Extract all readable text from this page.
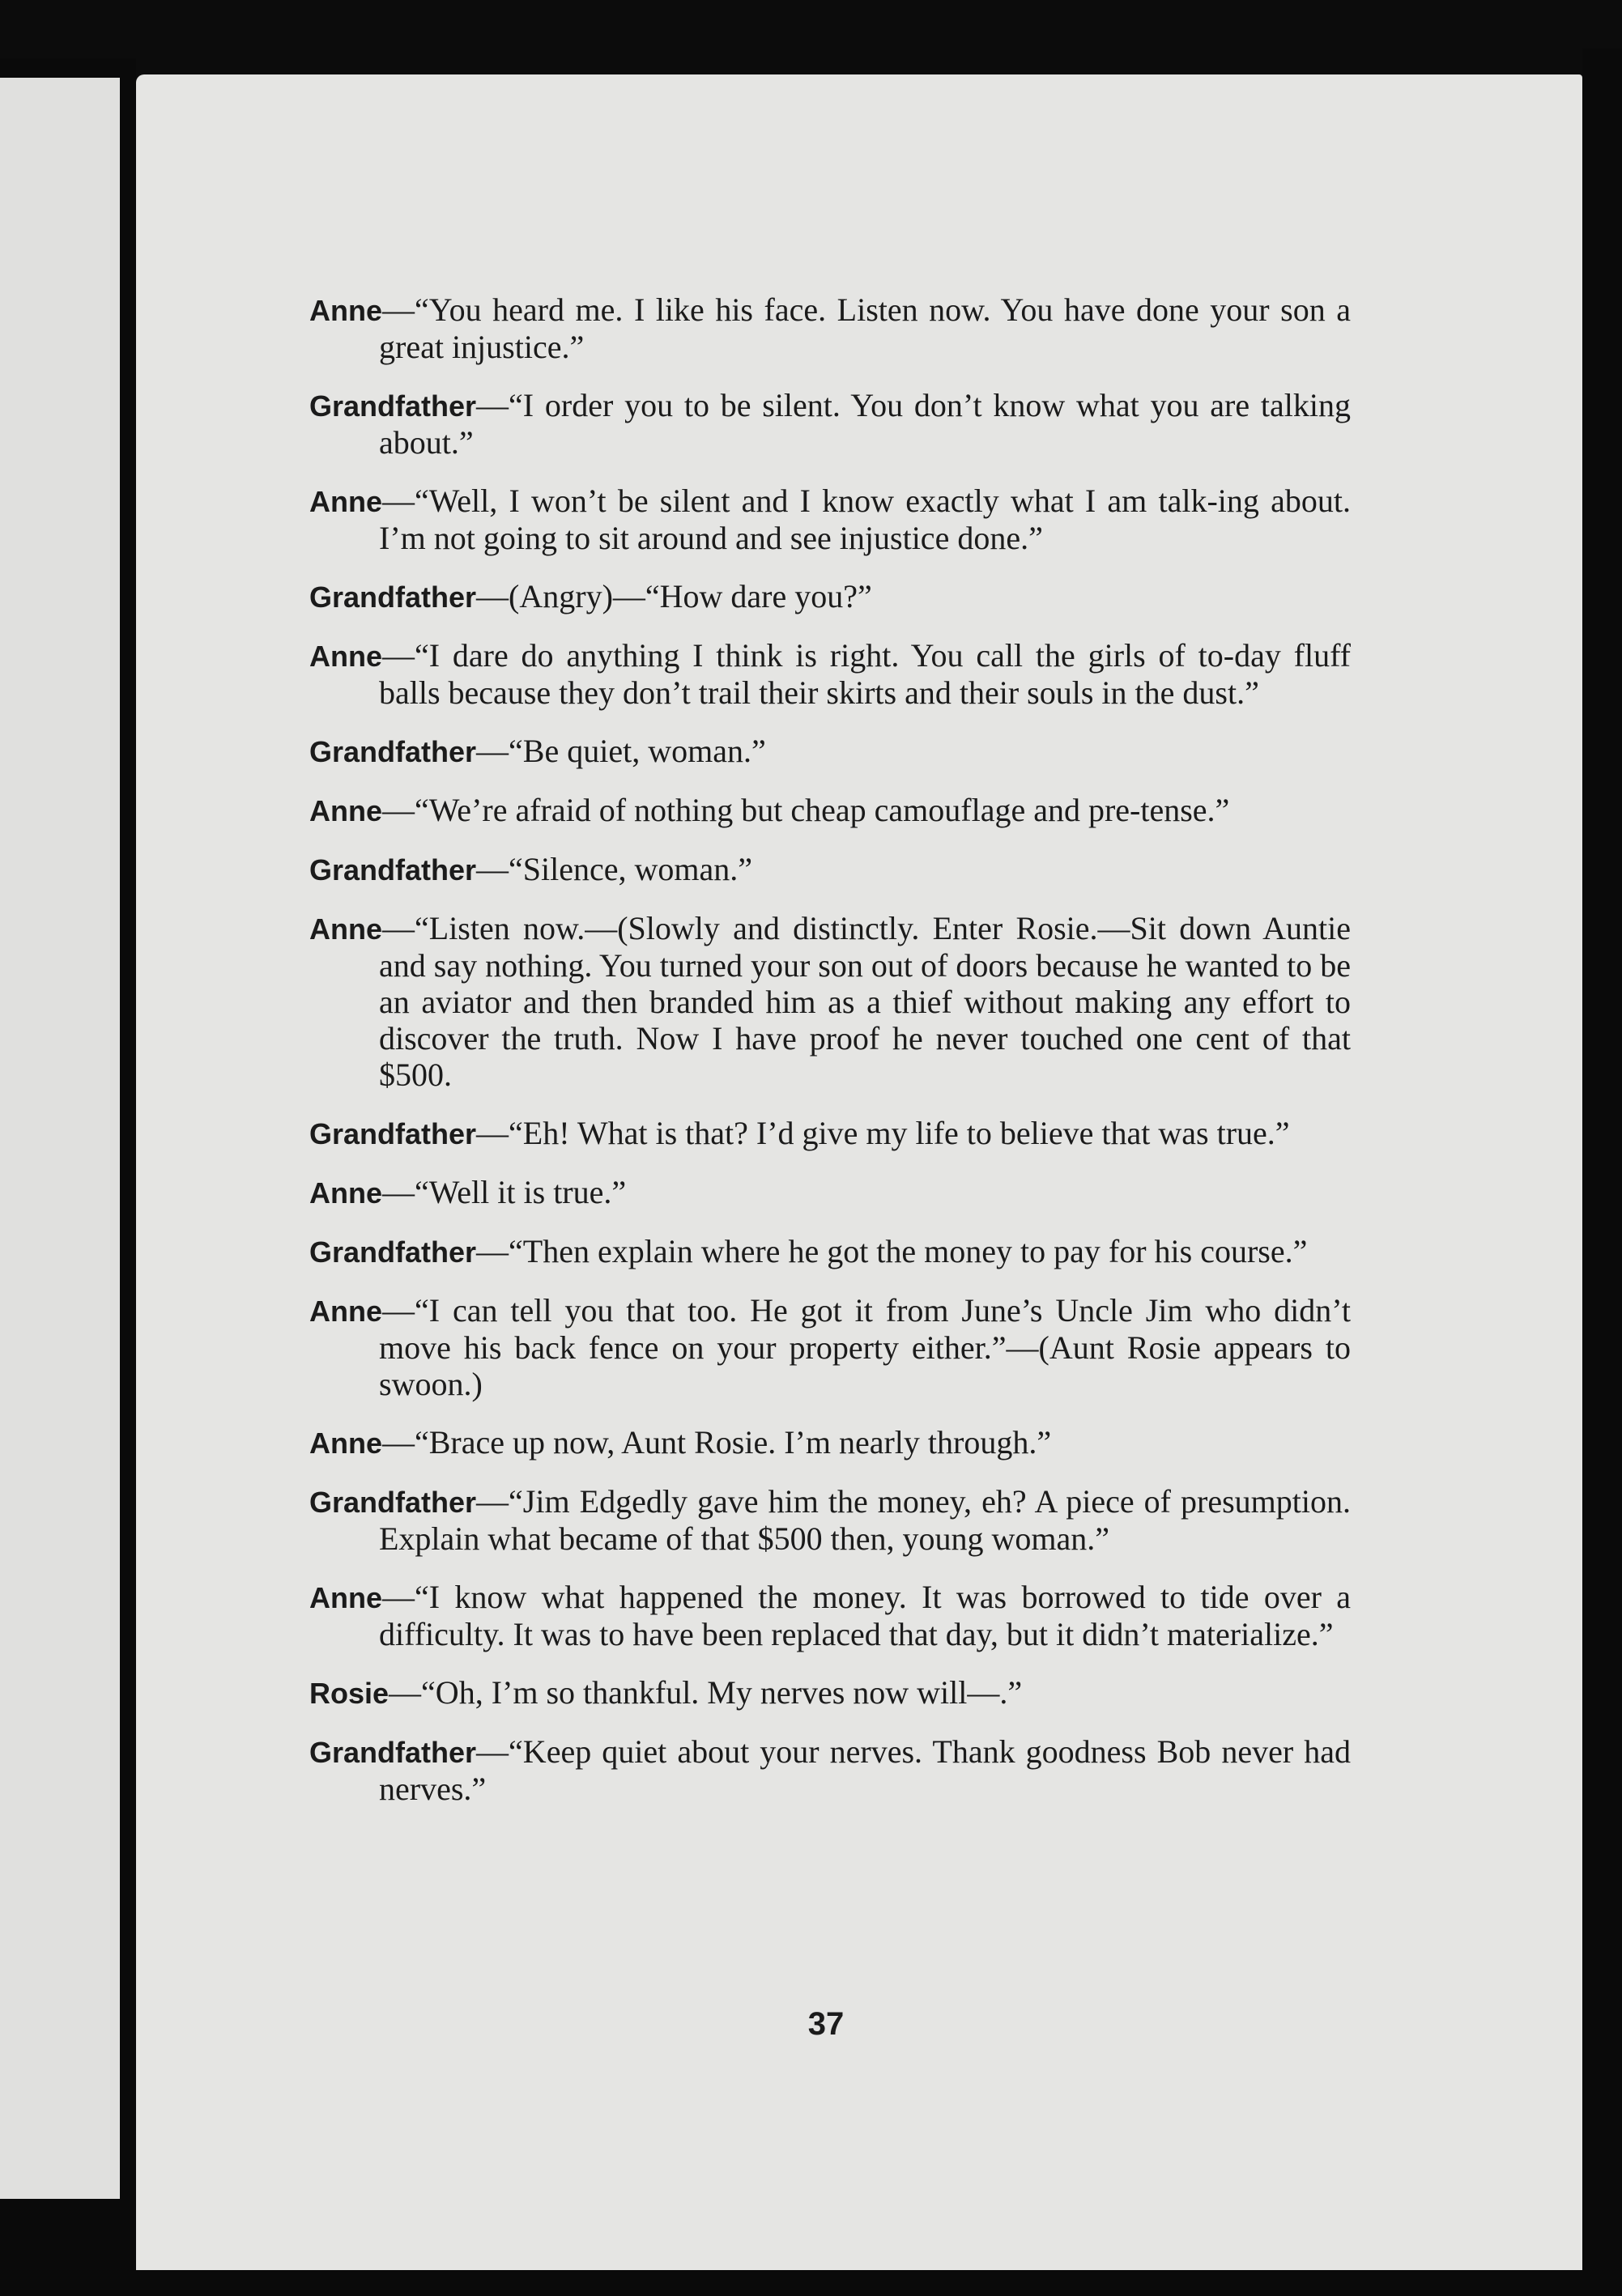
Anne—“You heard me. I like his face. Listen now. You have done your son a great injustice.”

Grandfather—“I order you to be silent. You don’t know what you are talking about.”

Anne—“Well, I won’t be silent and I know exactly what I am talk-ing about. I’m not going to sit around and see injustice done.”

Grandfather—(Angry)—“How dare you?”

Anne—“I dare do anything I think is right. You call the girls of to-day fluff balls because they don’t trail their skirts and their souls in the dust.”

Grandfather—“Be quiet, woman.”

Anne—“We’re afraid of nothing but cheap camouflage and pre-tense.”

Grandfather—“Silence, woman.”

Anne—“Listen now.—(Slowly and distinctly. Enter Rosie.—Sit down Auntie and say nothing. You turned your son out of doors because he wanted to be an aviator and then branded him as a thief without making any effort to discover the truth. Now I have proof he never touched one cent of that $500.

Grandfather—“Eh! What is that? I’d give my life to believe that was true.”

Anne—“Well it is true.”

Grandfather—“Then explain where he got the money to pay for his course.”

Anne—“I can tell you that too. He got it from June’s Uncle Jim who didn’t move his back fence on your property either.”—(Aunt Rosie appears to swoon.)

Anne—“Brace up now, Aunt Rosie. I’m nearly through.”

Grandfather—“Jim Edgedly gave him the money, eh? A piece of presumption. Explain what became of that $500 then, young woman.”

Anne—“I know what happened the money. It was borrowed to tide over a difficulty. It was to have been replaced that day, but it didn’t materialize.”

Rosie—“Oh, I’m so thankful. My nerves now will—.”

Grandfather—“Keep quiet about your nerves. Thank goodness Bob never had nerves.”

37
